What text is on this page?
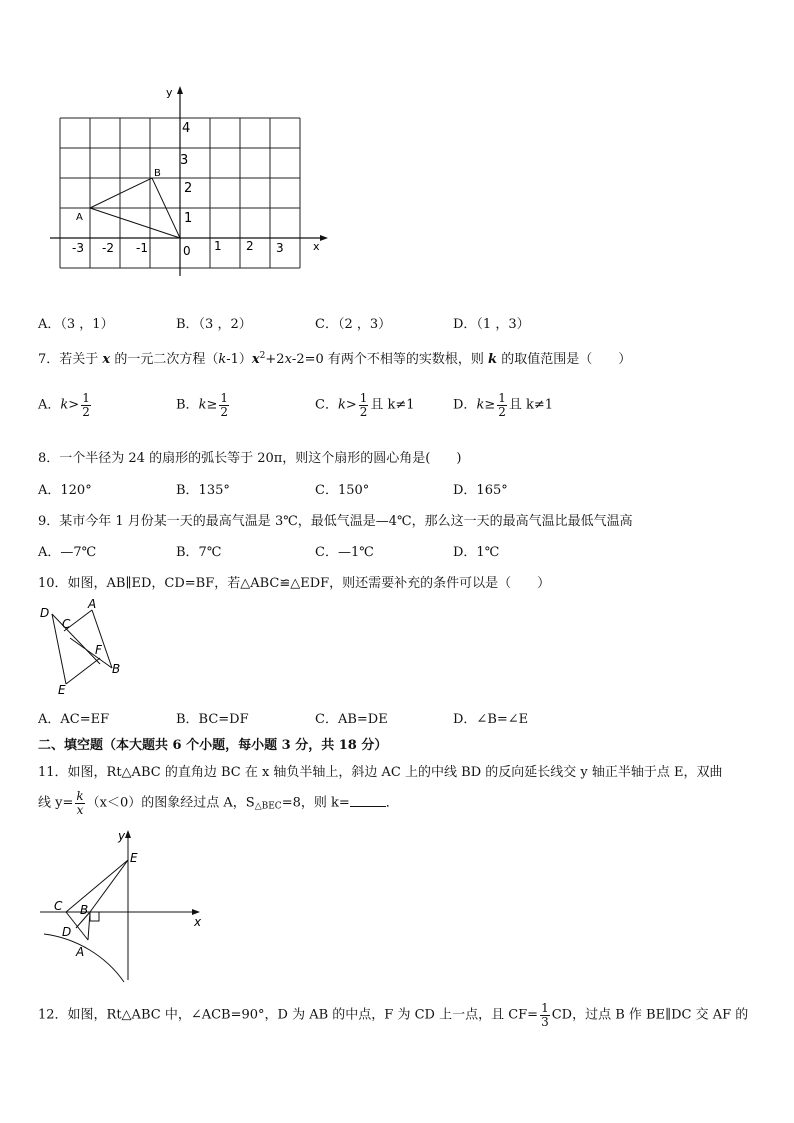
y
x
4
3
2
1
-3 -2 -1	0 1 2 3
A
B
A．（3 ，1）	B．（3 ，2）	C．（2 ，3）	D．（1 ，3）
7．若关于 x 的一元二次方程$(k-1)x^2+2x-2=0$ 有两个不相等的实数根，则 k 的取值范围是（　　）
A．$k> \frac{1}{2}$	B．$k\ge \frac{1}{2}$	C．$k> \frac{1}{2}$ 且 k≠1	D．$k\ge \frac{1}{2}$ 且 k≠1
8．一个半径为 24 的扇形的弧长等于 20π，则这个扇形的圆心角是(　　)
A．120°	B．135°	C．150°	D．165°
9．某市今年 1 月份某一天的最高气温是 3℃，最低气温是—4℃，那么这一天的最高气温比最低气温高
A．—7℃	B．7℃	C．—1℃	D．1℃
10．如图，AB∥ED，CD=BF，若△ABC≌△EDF，则还需要补充的条件可以是（　　）
D
A
C
F
B
E
A．AC=EF	B．BC=DF	C．AB=DE	D．∠B=∠E
二、填空题（本大题共 6 个小题，每小题 3 分，共 18 分）
11．如图，Rt△ABC 的直角边 BC 在 x 轴负半轴上，斜边 AC 上的中线 BD 的反向延长线交 y 轴正半轴于点 E，双曲
线 $y= \frac{k}{x} (x<0)$的图象经过点 A，$S_{\triangle BEC}=8$，则 k=	．
y
E
x
C B
D
A
12．如图，Rt△ABC 中，∠ACB=90°，D 为 AB 的中点，F 为 CD 上一点，且 $CF= \frac{1}{3}$ CD，过点 B 作 BE∥DC 交 AF 的
